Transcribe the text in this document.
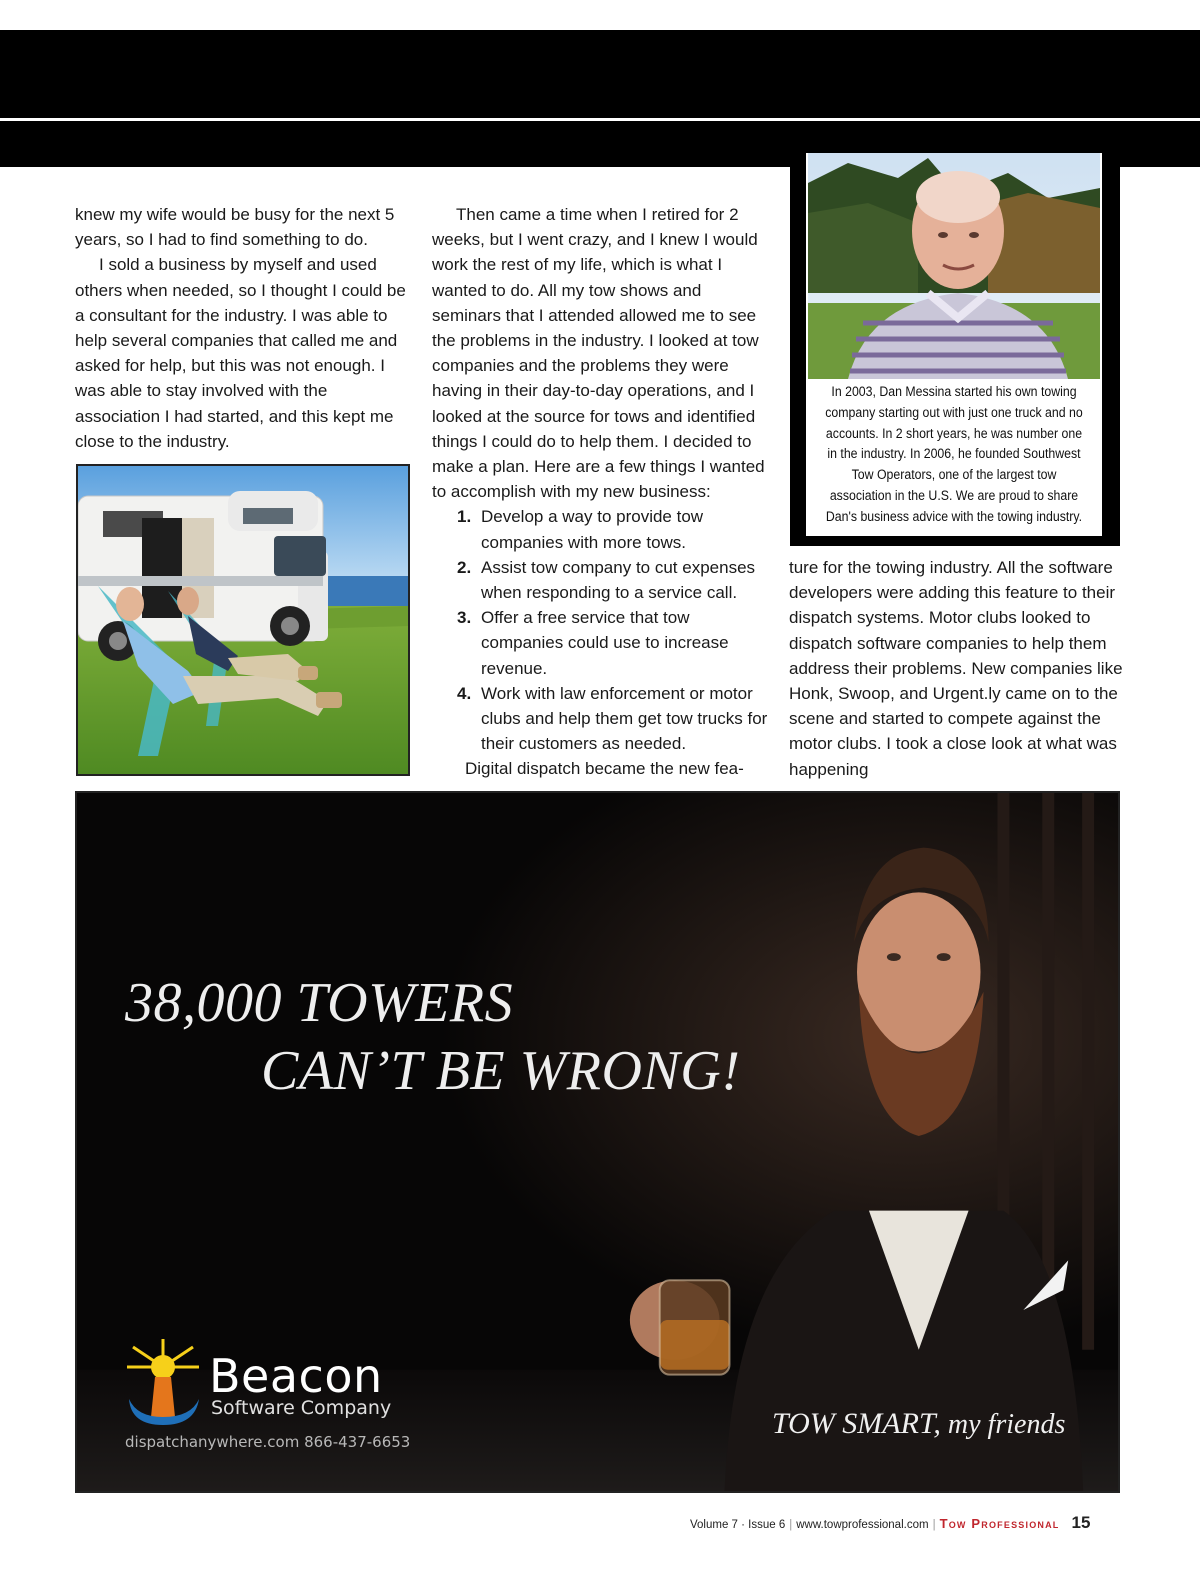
knew my wife would be busy for the next 5 years, so I had to find something to do.

I sold a business by myself and used others when needed, so I thought I could be a consultant for the industry. I was able to help several companies that called me and asked for help, but this was not enough. I was able to stay involved with the association I had started, and this kept me close to the industry.

Then came a time when I retired for 2 weeks, but I went crazy, and I knew I would work the rest of my life, which is what I wanted to do. All my tow shows and seminars that I attended allowed me to see the problems in the industry. I looked at tow companies and the problems they were having in their day-to-day operations, and I looked at the source for tows and identified things I could do to help them. I decided to make a plan. Here are a few things I wanted to accomplish with my new business:

1. Develop a way to provide tow companies with more tows.
2. Assist tow company to cut expenses when responding to a service call.
3. Offer a free service that tow companies could use to increase revenue.
4. Work with law enforcement or motor clubs and help them get tow trucks for their customers as needed.

Digital dispatch became the new fea-

In 2003, Dan Messina started his own towing company starting out with just one truck and no accounts. In 2 short years, he was number one in the industry. In 2006, he founded Southwest Tow Operators, one of the largest tow association in the U.S. We are proud to share Dan's business advice with the towing industry.

ture for the towing industry. All the software developers were adding this feature to their dispatch systems. Motor clubs looked to dispatch software companies to help them address their problems. New companies like Honk, Swoop, and Urgent.ly came on to the scene and started to compete against the motor clubs. I took a close look at what was happening

38,000 TOWERS
CAN’T BE WRONG!
Beacon
Software Company
dispatchanywhere.com 866-437-6653
TOW SMART, my friends
Volume 7 · Issue 6 | www.towprofessional.com | Tow Professional 15
